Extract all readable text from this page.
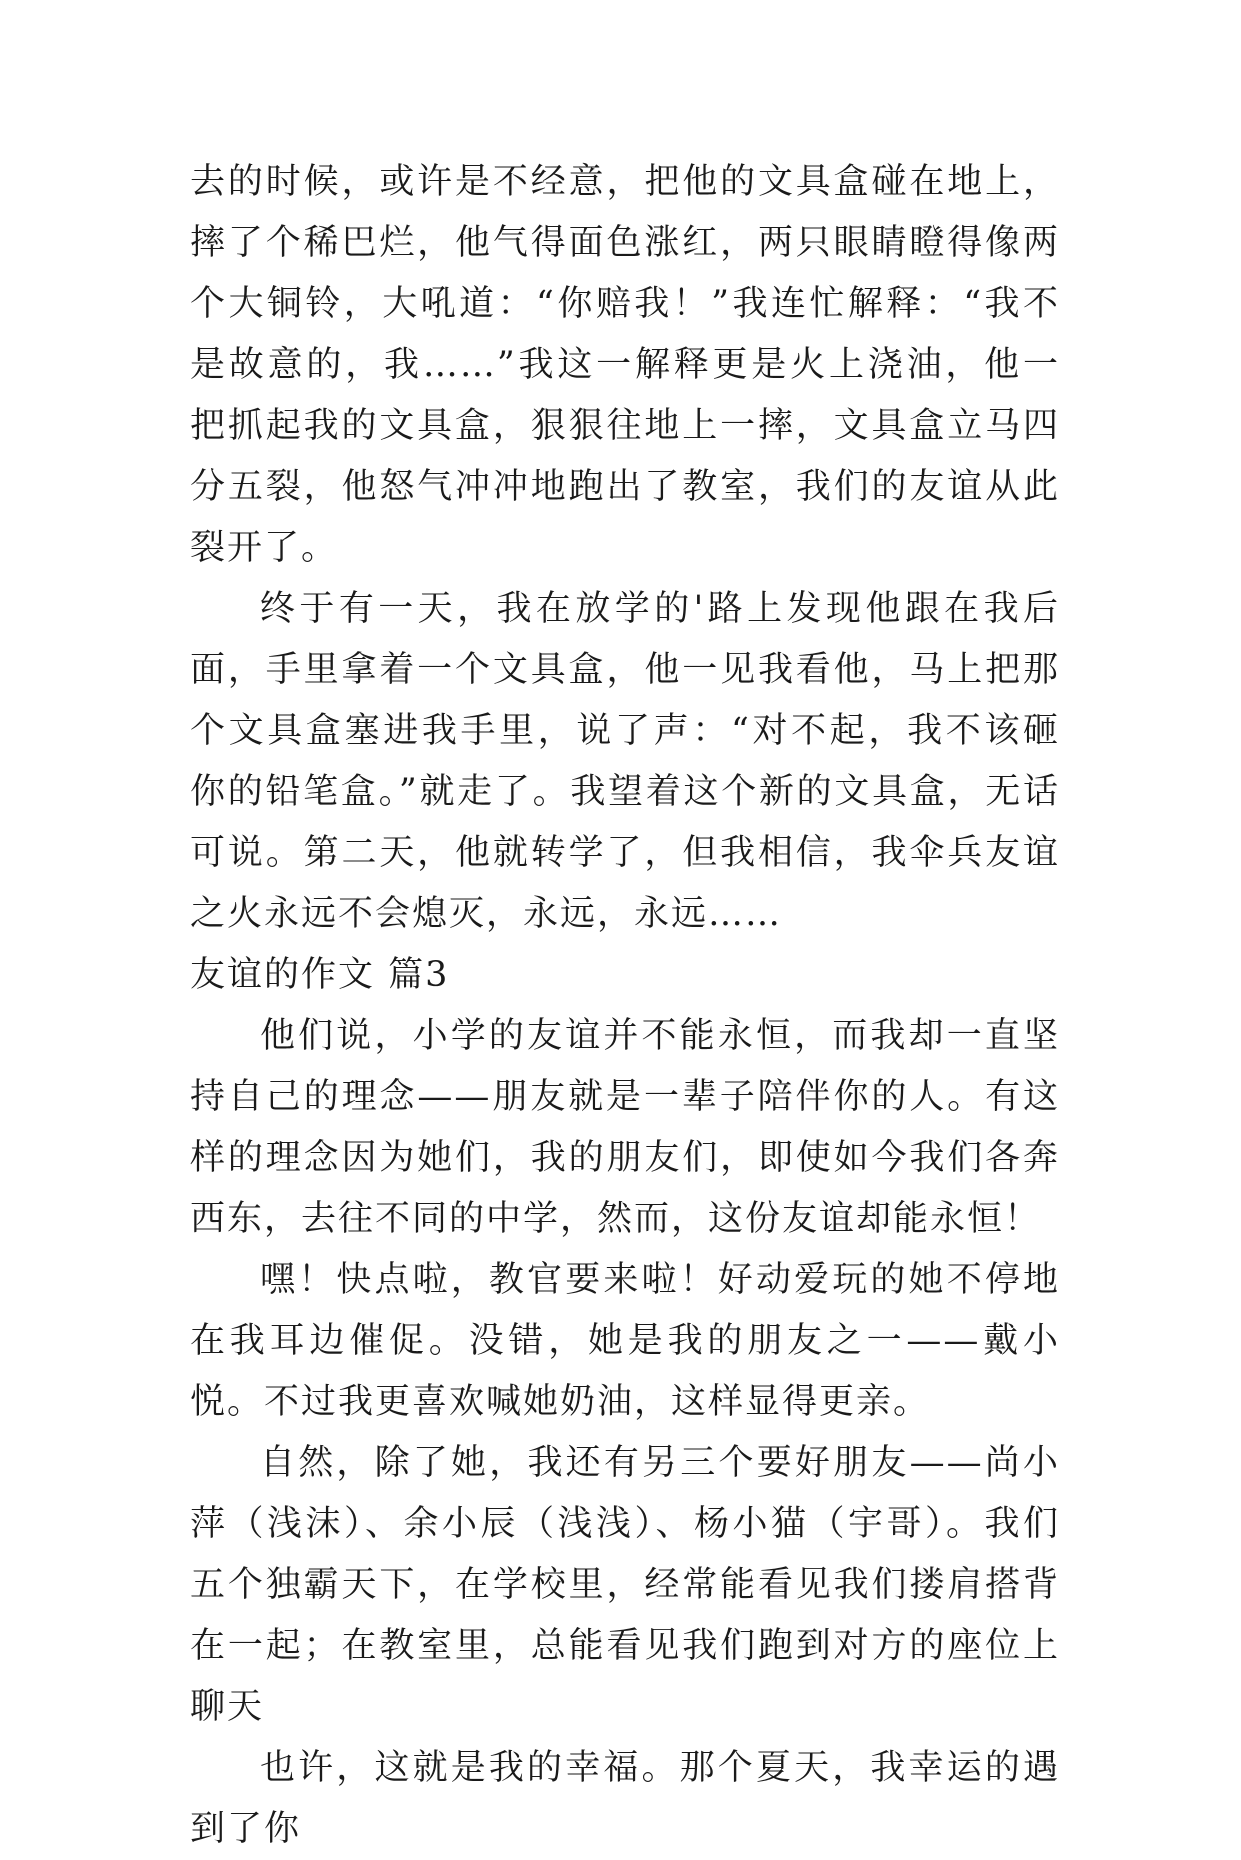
去的时候，或许是不经意，把他的文具盒碰在地上，摔了个稀巴烂，他气得面色涨红，两只眼睛瞪得像两个大铜铃，大吼道：“你赔我！”我连忙解释：“我不是故意的，我……”我这一解释更是火上浇油，他一把抓起我的文具盒，狠狠往地上一摔，文具盒立马四分五裂，他怒气冲冲地跑出了教室，我们的友谊从此裂开了。

终于有一天，我在放学的'路上发现他跟在我后面，手里拿着一个文具盒，他一见我看他，马上把那个文具盒塞进我手里，说了声：“对不起，我不该砸你的铅笔盒。”就走了。我望着这个新的文具盒，无话可说。第二天，他就转学了，但我相信，我伞兵友谊之火永远不会熄灭，永远，永远……

友谊的作文 篇3

他们说，小学的友谊并不能永恒，而我却一直坚持自己的理念——朋友就是一辈子陪伴你的人。有这样的理念因为她们，我的朋友们，即使如今我们各奔西东，去往不同的中学，然而，这份友谊却能永恒！

嘿！快点啦，教官要来啦！好动爱玩的她不停地在我耳边催促。没错，她是我的朋友之一——戴小悦。不过我更喜欢喊她奶油，这样显得更亲。

自然，除了她，我还有另三个要好朋友——尚小萍（浅沫）、余小辰（浅浅）、杨小猫（宇哥）。我们五个独霸天下，在学校里，经常能看见我们搂肩搭背在一起；在教室里，总能看见我们跑到对方的座位上聊天

也许，这就是我的幸福。那个夏天，我幸运的遇到了你
